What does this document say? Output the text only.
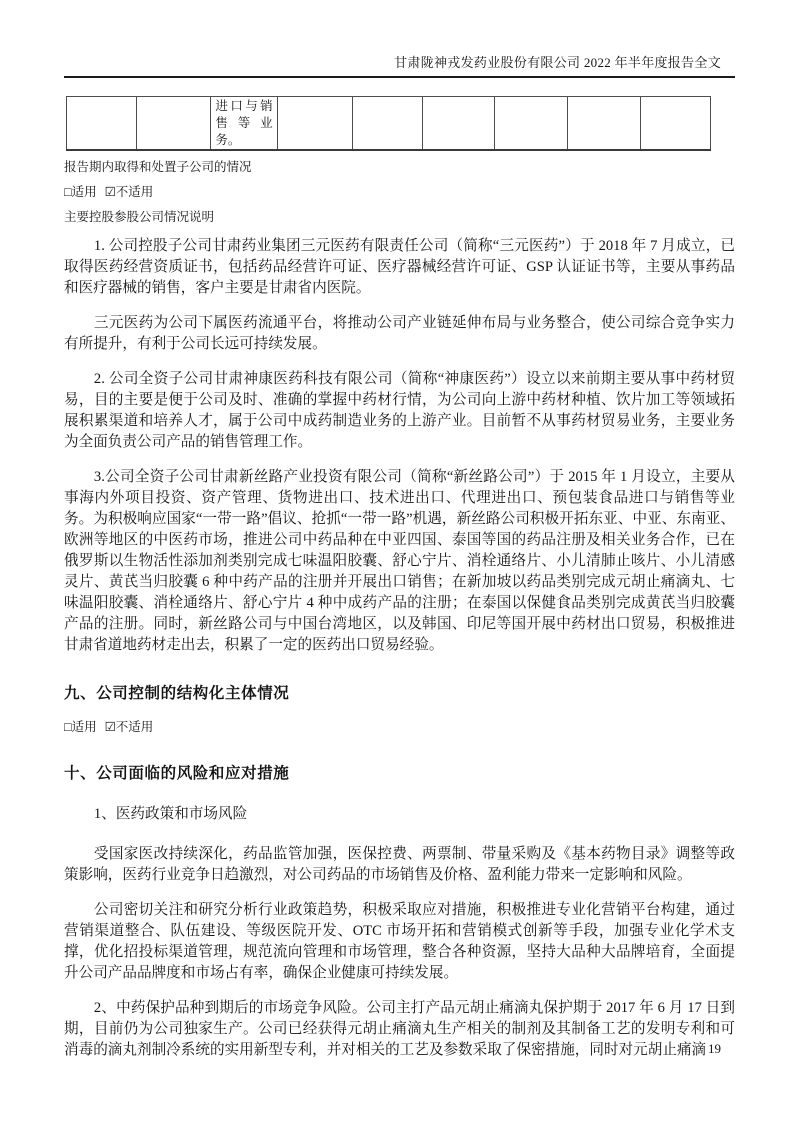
甘肃陇神戎发药业股份有限公司 2022 年半年度报告全文
		进口与销售等业务。						

报告期内取得和处置子公司的情况

□适用 ☑不适用

主要控股参股公司情况说明

1. 公司控股子公司甘肃药业集团三元医药有限责任公司（简称“三元医药”）于 2018 年 7 月成立，已取得医药经营资质证书，包括药品经营许可证、医疗器械经营许可证、GSP 认证证书等，主要从事药品和医疗器械的销售，客户主要是甘肃省内医院。

三元医药为公司下属医药流通平台，将推动公司产业链延伸布局与业务整合，使公司综合竞争实力有所提升，有利于公司长远可持续发展。

2. 公司全资子公司甘肃神康医药科技有限公司（简称“神康医药”）设立以来前期主要从事中药材贸易，目的主要是便于公司及时、准确的掌握中药材行情，为公司向上游中药材种植、饮片加工等领域拓展积累渠道和培养人才，属于公司中成药制造业务的上游产业。目前暂不从事药材贸易业务，主要业务为全面负责公司产品的销售管理工作。

3.公司全资子公司甘肃新丝路产业投资有限公司（简称“新丝路公司”）于 2015 年 1 月设立，主要从事海内外项目投资、资产管理、货物进出口、技术进出口、代理进出口、预包装食品进口与销售等业务。为积极响应国家“一带一路”倡议、抢抓“一带一路”机遇，新丝路公司积极开拓东亚、中亚、东南亚、欧洲等地区的中医药市场，推进公司中药品种在中亚四国、泰国等国的药品注册及相关业务合作，已在俄罗斯以生物活性添加剂类别完成七味温阳胶囊、舒心宁片、消栓通络片、小儿清肺止咳片、小儿清感灵片、黄芪当归胶囊 6 种中药产品的注册并开展出口销售；在新加坡以药品类别完成元胡止痛滴丸、七味温阳胶囊、消栓通络片、舒心宁片 4 种中成药产品的注册；在泰国以保健食品类别完成黄芪当归胶囊产品的注册。同时，新丝路公司与中国台湾地区，以及韩国、印尼等国开展中药材出口贸易，积极推进甘肃省道地药材走出去，积累了一定的医药出口贸易经验。

九、公司控制的结构化主体情况

□适用 ☑不适用

十、公司面临的风险和应对措施

1、医药政策和市场风险

受国家医改持续深化，药品监管加强，医保控费、两票制、带量采购及《基本药物目录》调整等政策影响，医药行业竞争日趋激烈，对公司药品的市场销售及价格、盈利能力带来一定影响和风险。

公司密切关注和研究分析行业政策趋势，积极采取应对措施，积极推进专业化营销平台构建，通过营销渠道整合、队伍建设、等级医院开发、OTC 市场开拓和营销模式创新等手段，加强专业化学术支撑，优化招投标渠道管理，规范流向管理和市场管理，整合各种资源，坚持大品种大品牌培育，全面提升公司产品品牌度和市场占有率，确保企业健康可持续发展。

2、中药保护品种到期后的市场竞争风险。公司主打产品元胡止痛滴丸保护期于 2017 年 6 月 17 日到期，目前仍为公司独家生产。公司已经获得元胡止痛滴丸生产相关的制剂及其制备工艺的发明专利和可消毒的滴丸剂制冷系统的实用新型专利，并对相关的工艺及参数采取了保密措施，同时对元胡止痛滴 19
